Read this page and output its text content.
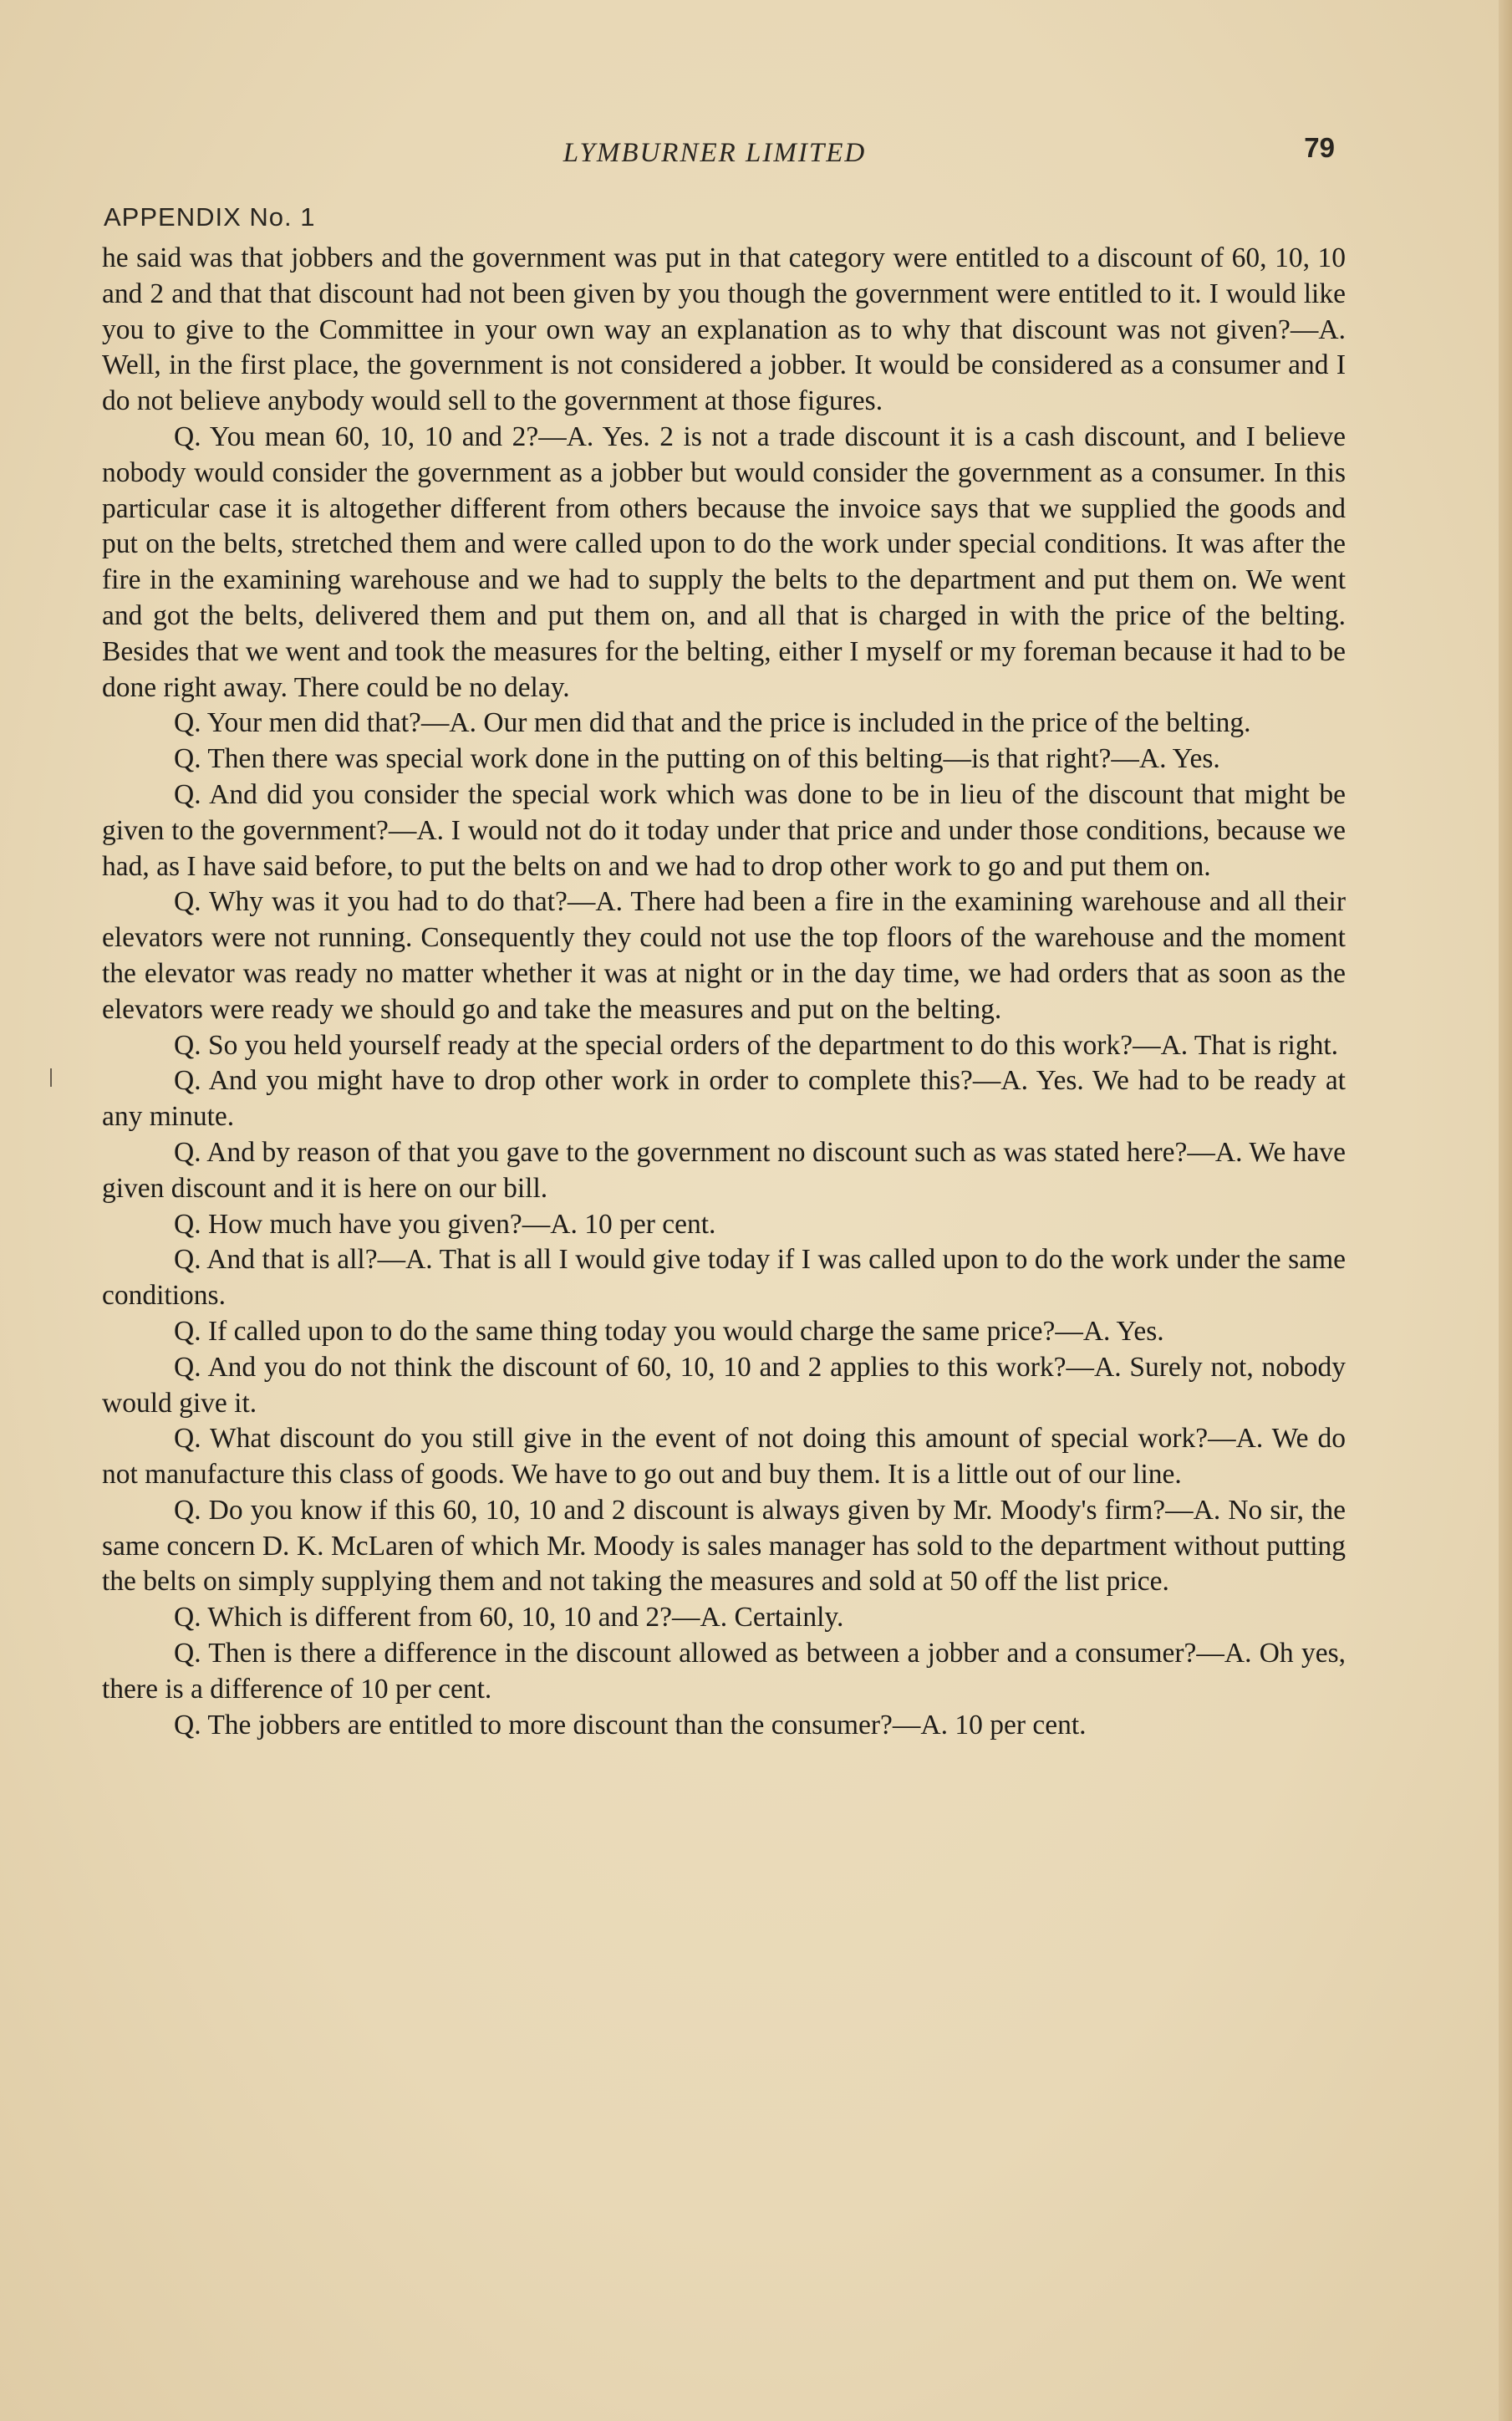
LYMBURNER LIMITED	79
APPENDIX No. 1

he said was that jobbers and the government was put in that category were entitled to a discount of 60, 10, 10 and 2 and that that discount had not been given by you though the government were entitled to it. I would like you to give to the Committee in your own way an explanation as to why that discount was not given?—A. Well, in the first place, the government is not considered a jobber. It would be considered as a consumer and I do not believe anybody would sell to the government at those figures.

Q. You mean 60, 10, 10 and 2?—A. Yes. 2 is not a trade discount it is a cash discount, and I believe nobody would consider the government as a jobber but would consider the government as a consumer. In this particular case it is altogether different from others because the invoice says that we supplied the goods and put on the belts, stretched them and were called upon to do the work under special conditions. It was after the fire in the examining warehouse and we had to supply the belts to the department and put them on. We went and got the belts, delivered them and put them on, and all that is charged in with the price of the belting. Besides that we went and took the measures for the belting, either I myself or my foreman because it had to be done right away. There could be no delay.

Q. Your men did that?—A. Our men did that and the price is included in the price of the belting.

Q. Then there was special work done in the putting on of this belting—is that right?—A. Yes.

Q. And did you consider the special work which was done to be in lieu of the discount that might be given to the government?—A. I would not do it today under that price and under those conditions, because we had, as I have said before, to put the belts on and we had to drop other work to go and put them on.

Q. Why was it you had to do that?—A. There had been a fire in the examining warehouse and all their elevators were not running. Consequently they could not use the top floors of the warehouse and the moment the elevator was ready no matter whether it was at night or in the day time, we had orders that as soon as the elevators were ready we should go and take the measures and put on the belting.

Q. So you held yourself ready at the special orders of the department to do this work?—A. That is right.

Q. And you might have to drop other work in order to complete this?—A. Yes. We had to be ready at any minute.

Q. And by reason of that you gave to the government no discount such as was stated here?—A. We have given discount and it is here on our bill.

Q. How much have you given?—A. 10 per cent.

Q. And that is all?—A. That is all I would give today if I was called upon to do the work under the same conditions.

Q. If called upon to do the same thing today you would charge the same price?—A. Yes.

Q. And you do not think the discount of 60, 10, 10 and 2 applies to this work?—A. Surely not, nobody would give it.

Q. What discount do you still give in the event of not doing this amount of special work?—A. We do not manufacture this class of goods. We have to go out and buy them. It is a little out of our line.

Q. Do you know if this 60, 10, 10 and 2 discount is always given by Mr. Moody's firm?—A. No sir, the same concern D. K. McLaren of which Mr. Moody is sales manager has sold to the department without putting the belts on simply supplying them and not taking the measures and sold at 50 off the list price.

Q. Which is different from 60, 10, 10 and 2?—A. Certainly.

Q. Then is there a difference in the discount allowed as between a jobber and a consumer?—A. Oh yes, there is a difference of 10 per cent.

Q. The jobbers are entitled to more discount than the consumer?—A. 10 per cent.
